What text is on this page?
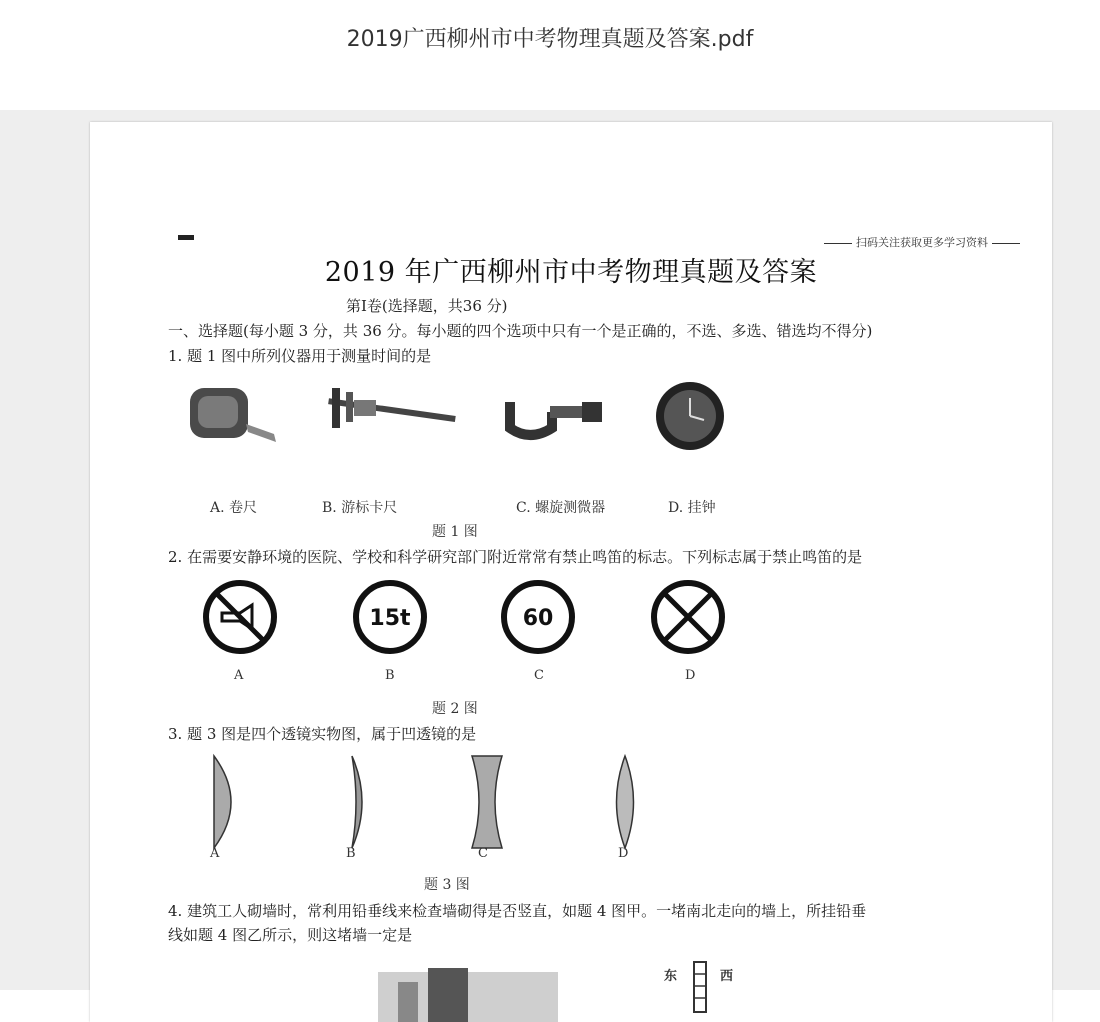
2019广西柳州市中考物理真题及答案.pdf
扫码关注获取更多学习资料
2019 年广西柳州市中考物理真题及答案
第Ⅰ卷(选择题，共36 分)
一、选择题(每小题 3 分，共 36 分。每小题的四个选项中只有一个是正确的，不选、多选、错选均不得分)
1. 题 1 图中所列仪器用于测量时间的是
A. 卷尺	B. 游标卡尺	C. 螺旋测微器	D. 挂钟
题 1 图
2. 在需要安静环境的医院、学校和科学研究部门附近常常有禁止鸣笛的标志。下列标志属于禁止鸣笛的是
15t	60
A	B	C	D
题 2 图
3. 题 3 图是四个透镜实物图，属于凹透镜的是
A	B	C	D
题 3 图
4. 建筑工人砌墙时，常利用铅垂线来检查墙砌得是否竖直，如题 4 图甲。一堵南北走向的墙上，所挂铅垂
线如题 4 图乙所示，则这堵墙一定是
东	西
